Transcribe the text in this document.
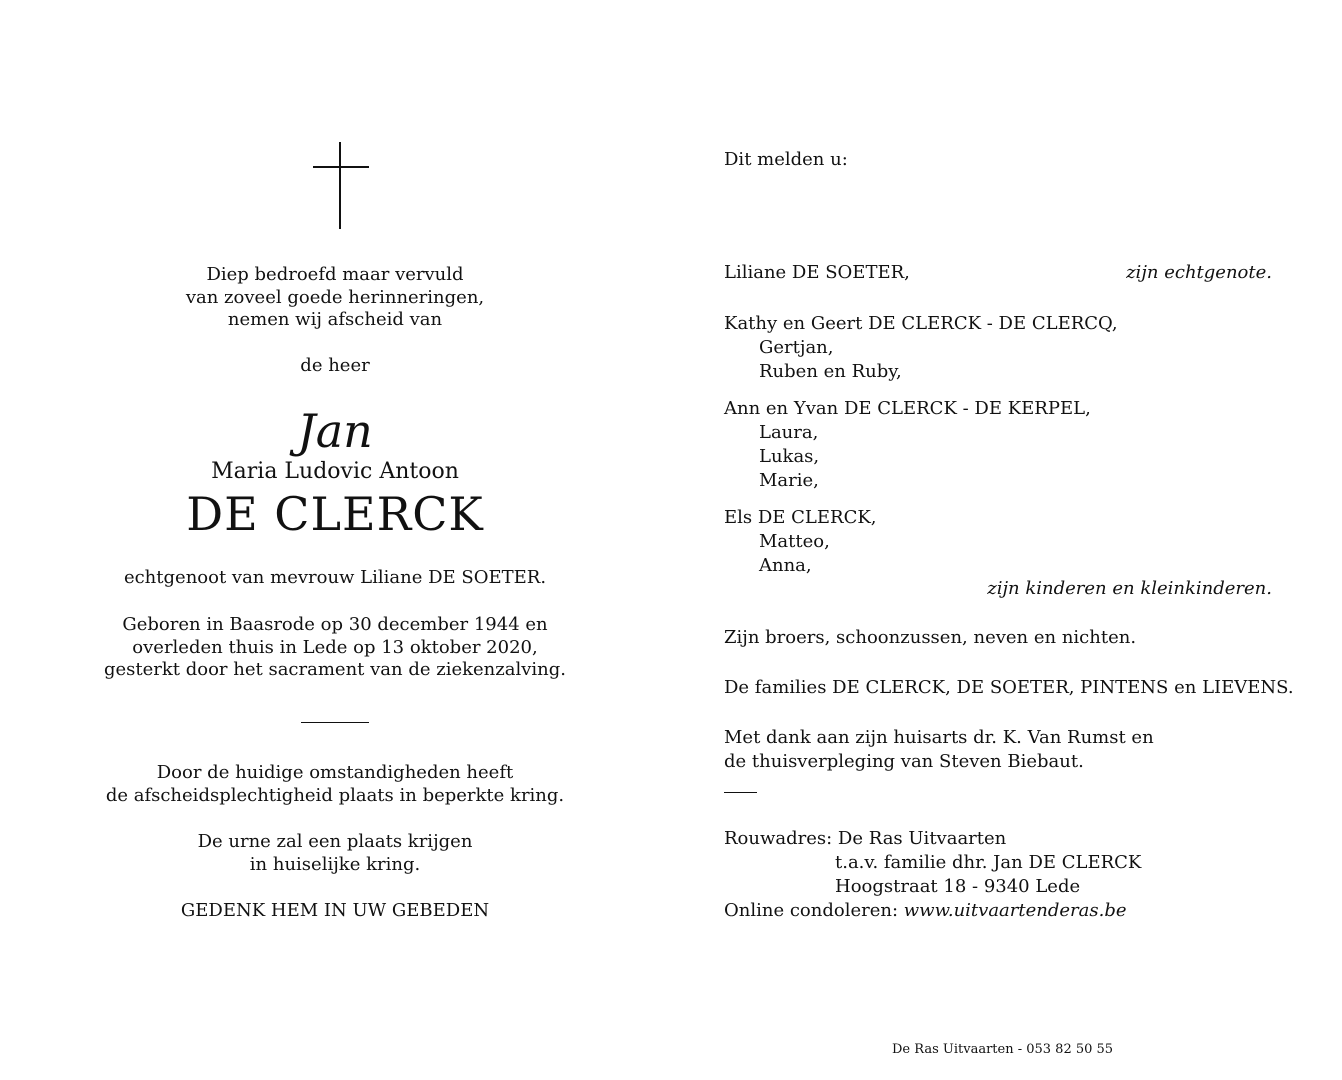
Diep bedroefd maar vervuld
van zoveel goede herinneringen,
nemen wij afscheid van
de heer
Jan
Maria Ludovic Antoon
DE CLERCK
echtgenoot van mevrouw Liliane DE SOETER.
Geboren in Baasrode op 30 december 1944 en
overleden thuis in Lede op 13 oktober 2020,
gesterkt door het sacrament van de ziekenzalving.
Door de huidige omstandigheden heeft
de afscheidsplechtigheid plaats in beperkte kring.
De urne zal een plaats krijgen
in huiselijke kring.
GEDENK HEM IN UW GEBEDEN
Dit melden u:
Liliane DE SOETER,	zijn echtgenote.
Kathy en Geert DE CLERCK - DE CLERCQ,
Gertjan,
Ruben en Ruby,
Ann en Yvan DE CLERCK - DE KERPEL,
Laura,
Lukas,
Marie,
Els DE CLERCK,
Matteo,
Anna,
zijn kinderen en kleinkinderen.
Zijn broers, schoonzussen, neven en nichten.
De families DE CLERCK, DE SOETER, PINTENS en LIEVENS.
Met dank aan zijn huisarts dr. K. Van Rumst en
de thuisverpleging van Steven Biebaut.
Rouwadres: De Ras Uitvaarten
t.a.v. familie dhr. Jan DE CLERCK
Hoogstraat 18 - 9340 Lede
Online condoleren: www.uitvaartenderas.be
De Ras Uitvaarten - 053 82 50 55
